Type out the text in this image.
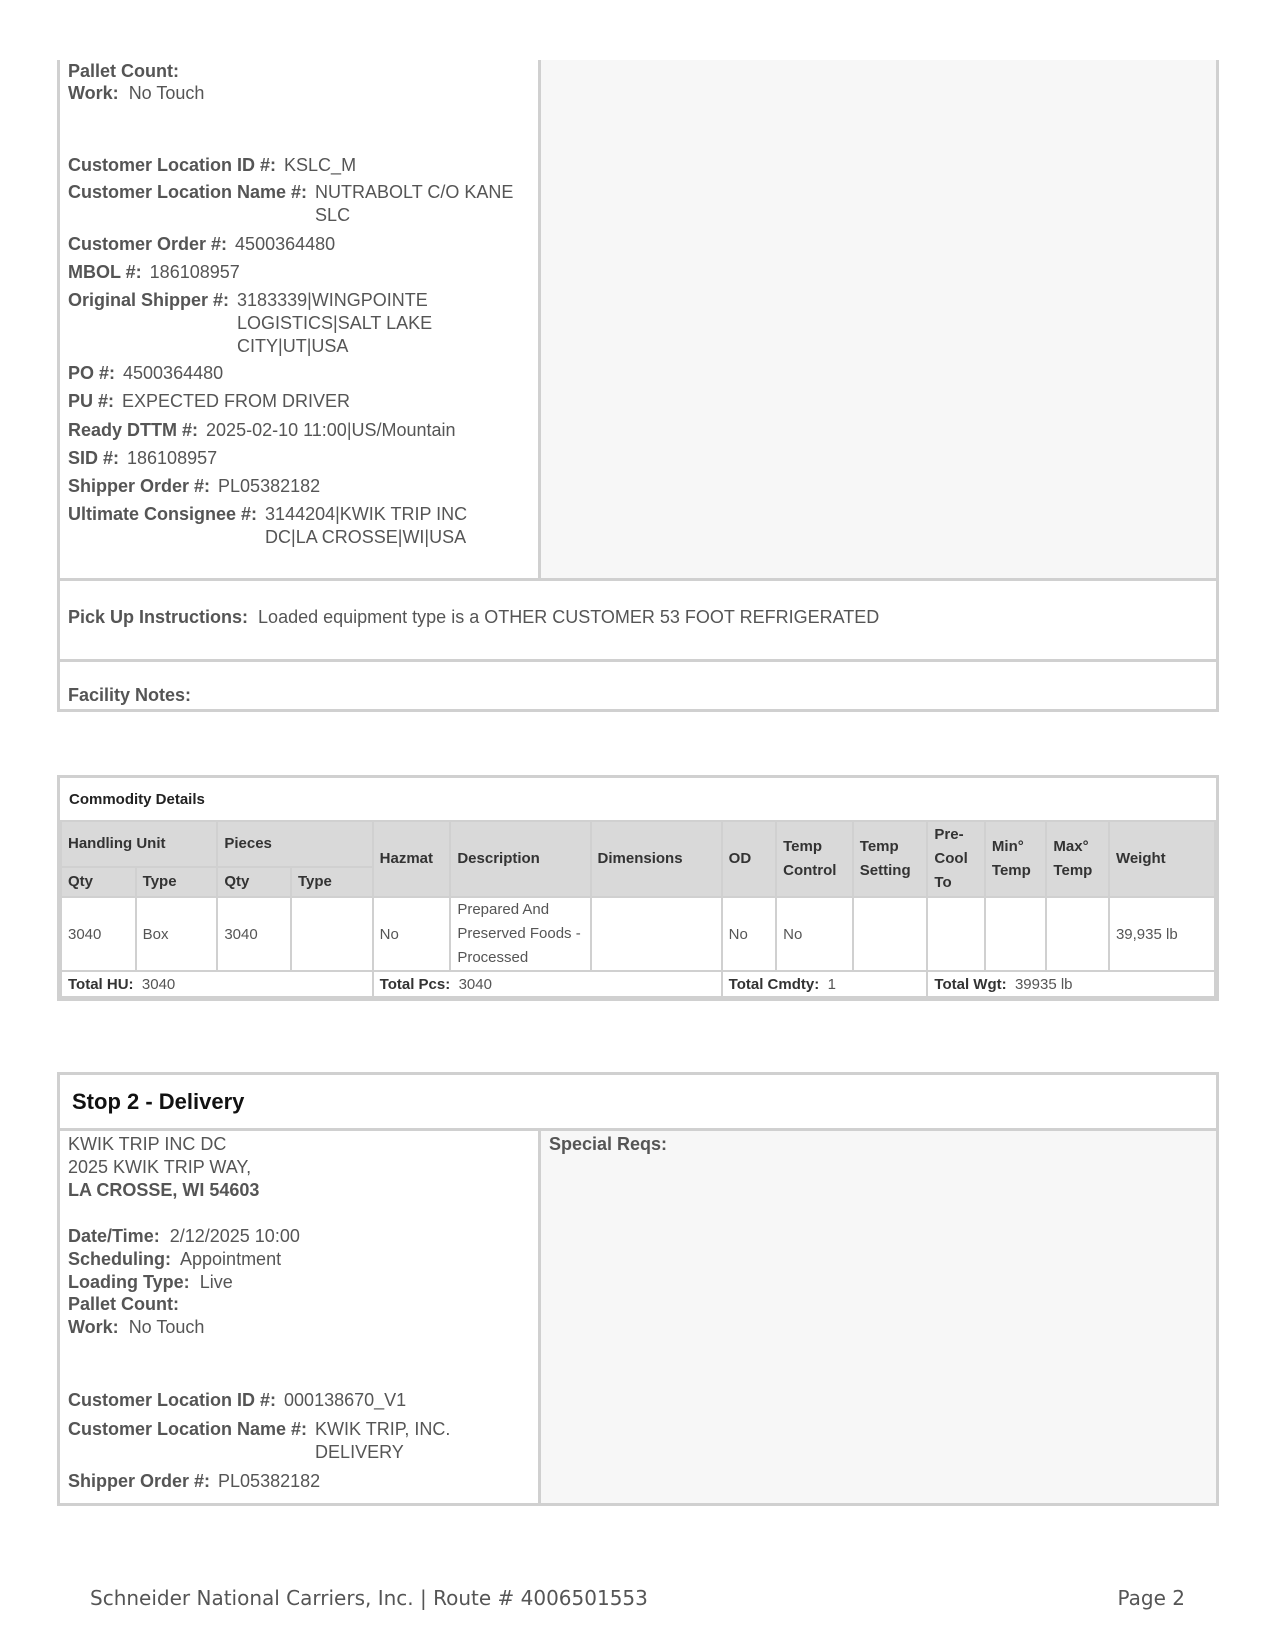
Pallet Count:
Work: No Touch
Customer Location ID #: KSLC_M
Customer Location Name #: NUTRABOLT C/O KANE SLC
Customer Order #: 4500364480
MBOL #: 186108957
Original Shipper #: 3183339|WINGPOINTE LOGISTICS|SALT LAKE CITY|UT|USA
PO #: 4500364480
PU #: EXPECTED FROM DRIVER
Ready DTTM #: 2025-02-10 11:00|US/Mountain
SID #: 186108957
Shipper Order #: PL05382182
Ultimate Consignee #: 3144204|KWIK TRIP INC DC|LA CROSSE|WI|USA
Pick Up Instructions: Loaded equipment type is a OTHER CUSTOMER 53 FOOT REFRIGERATED
Facility Notes:
Commodity Details													
Handling Unit		Pieces		Hazmat	Description	Dimensions	OD	Temp Control	Temp Setting	Pre-Cool To	Min° Temp	Max° Temp	Weight
Qty	Type	Qty	Type										
3040	Box	3040		No	Prepared And Preserved Foods - Processed		No	No					39,935 lb
Total HU: 3040				Total Pcs: 3040			Total Cmdty: 1			Total Wgt: 39935 lb			
Stop 2 - Delivery
KWIK TRIP INC DC
2025 KWIK TRIP WAY,
LA CROSSE, WI 54603
Date/Time: 2/12/2025 10:00
Scheduling: Appointment
Loading Type: Live
Pallet Count:
Work: No Touch
Customer Location ID #: 000138670_V1
Customer Location Name #: KWIK TRIP, INC. DELIVERY
Shipper Order #: PL05382182
Special Reqs:
Schneider National Carriers, Inc. | Route # 4006501553	Page 2
